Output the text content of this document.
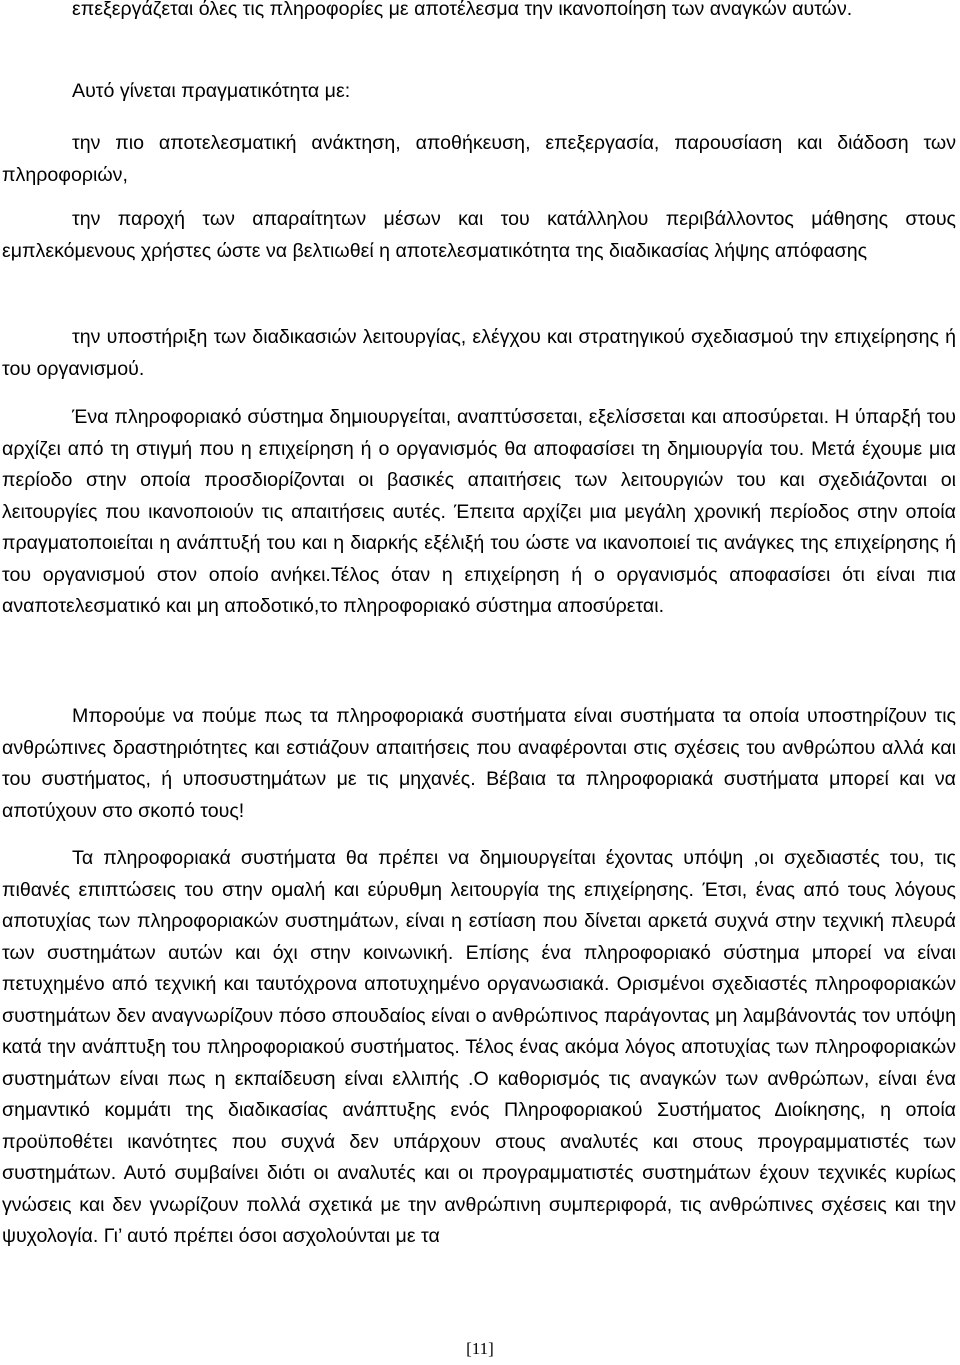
επεξεργάζεται όλες τις πληροφορίες με αποτέλεσμα την ικανοποίηση των αναγκών αυτών.

Αυτό γίνεται πραγματικότητα με:

την πιο αποτελεσματική ανάκτηση, αποθήκευση, επεξεργασία, παρουσίαση και διάδοση των πληροφοριών,

την παροχή των απαραίτητων μέσων και του κατάλληλου περιβάλλοντος μάθησης στους εμπλεκόμενους χρήστες ώστε να βελτιωθεί η αποτελεσματικότητα της διαδικασίας λήψης απόφασης

την υποστήριξη των διαδικασιών λειτουργίας, ελέγχου και στρατηγικού σχεδιασμού την επιχείρησης ή του οργανισμού.

Ένα πληροφοριακό σύστημα δημιουργείται, αναπτύσσεται, εξελίσσεται και αποσύρεται. Η ύπαρξή του αρχίζει από τη στιγμή που η επιχείρηση ή ο οργανισμός θα αποφασίσει τη δημιουργία του. Μετά έχουμε μια περίοδο στην οποία προσδιορίζονται οι βασικές απαιτήσεις των λειτουργιών του και σχεδιάζονται οι λειτουργίες που ικανοποιούν τις απαιτήσεις αυτές. Έπειτα αρχίζει μια μεγάλη χρονική περίοδος στην οποία πραγματοποιείται η ανάπτυξή του και η διαρκής εξέλιξή του ώστε να ικανοποιεί τις ανάγκες της επιχείρησης ή του οργανισμού στον οποίο ανήκει.Τέλος όταν η επιχείρηση ή ο οργανισμός αποφασίσει ότι είναι πια αναποτελεσματικό και μη αποδοτικό,το πληροφοριακό σύστημα αποσύρεται.

Μπορούμε να πούμε πως τα πληροφοριακά συστήματα είναι συστήματα τα οποία υποστηρίζουν τις ανθρώπινες δραστηριότητες και εστιάζουν απαιτήσεις που αναφέρονται στις σχέσεις του ανθρώπου αλλά και του συστήματος, ή υποσυστημάτων με τις μηχανές. Βέβαια τα πληροφοριακά συστήματα μπορεί και να αποτύχουν στο σκοπό τους!

Τα πληροφοριακά συστήματα θα πρέπει να δημιουργείται έχοντας υπόψη ,οι σχεδιαστές του, τις πιθανές επιπτώσεις του στην ομαλή και εύρυθμη λειτουργία της επιχείρησης. Έτσι, ένας από τους λόγους αποτυχίας των πληροφοριακών συστημάτων, είναι η εστίαση που δίνεται αρκετά συχνά στην τεχνική πλευρά των συστημάτων αυτών και όχι στην κοινωνική. Επίσης ένα πληροφοριακό σύστημα μπορεί να είναι πετυχημένο από τεχνική και ταυτόχρονα αποτυχημένο οργανωσιακά. Ορισμένοι σχεδιαστές πληροφοριακών συστημάτων δεν αναγνωρίζουν πόσο σπουδαίος είναι ο ανθρώπινος παράγοντας μη λαμβάνοντάς τον υπόψη κατά την ανάπτυξη του πληροφοριακού συστήματος. Τέλος ένας ακόμα λόγος αποτυχίας των πληροφοριακών συστημάτων είναι πως η εκπαίδευση είναι ελλιπής .Ο καθορισμός τις αναγκών των ανθρώπων, είναι ένα σημαντικό κομμάτι της διαδικασίας ανάπτυξης ενός Πληροφοριακού Συστήματος Διοίκησης, η οποία προϋποθέτει ικανότητες που συχνά δεν υπάρχουν στους αναλυτές και στους προγραμματιστές των συστημάτων. Αυτό συμβαίνει διότι οι αναλυτές και οι προγραμματιστές συστημάτων έχουν τεχνικές κυρίως γνώσεις και δεν γνωρίζουν πολλά σχετικά με την ανθρώπινη συμπεριφορά, τις ανθρώπινες σχέσεις και την ψυχολογία. Γι’ αυτό πρέπει όσοι ασχολούνται με τα

[11]
